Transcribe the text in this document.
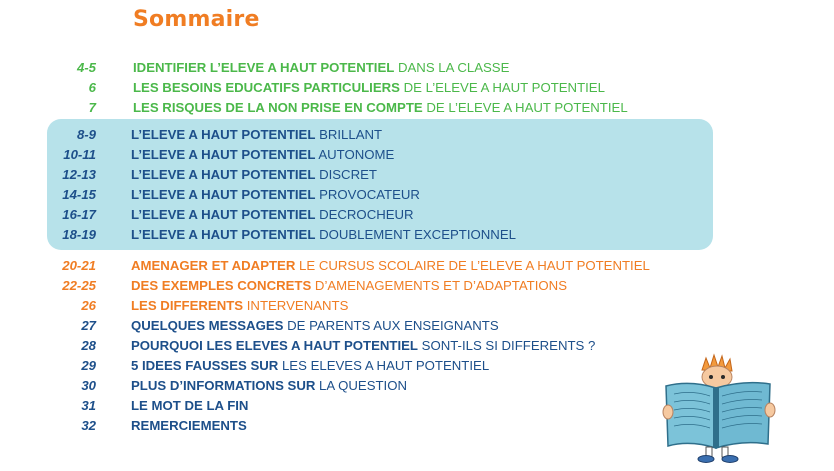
Sommaire
4-5	IDENTIFIER L’ELEVE A HAUT POTENTIEL DANS LA CLASSE
6	LES BESOINS EDUCATIFS PARTICULIERS DE L’ELEVE A HAUT POTENTIEL
7	LES RISQUES DE LA NON PRISE EN COMPTE DE L’ELEVE A HAUT POTENTIEL
8-9	L’ELEVE A HAUT POTENTIEL BRILLANT
10-11	L’ELEVE A HAUT POTENTIEL AUTONOME
12-13	L’ELEVE A HAUT POTENTIEL DISCRET
14-15	L’ELEVE A HAUT POTENTIEL PROVOCATEUR
16-17	L’ELEVE A HAUT POTENTIEL DECROCHEUR
18-19	L’ELEVE A HAUT POTENTIEL DOUBLEMENT EXCEPTIONNEL
20-21	AMENAGER ET ADAPTER LE CURSUS SCOLAIRE DE L’ELEVE A HAUT POTENTIEL
22-25	DES EXEMPLES CONCRETS D’AMENAGEMENTS ET D’ADAPTATIONS
26	LES DIFFERENTS INTERVENANTS
27	QUELQUES MESSAGES DE PARENTS AUX ENSEIGNANTS
28	POURQUOI LES ELEVES A HAUT POTENTIEL SONT-ILS SI DIFFERENTS ?
29	5 IDEES FAUSSES SUR LES ELEVES A HAUT POTENTIEL
30	PLUS D’INFORMATIONS SUR LA QUESTION
31	LE MOT DE LA FIN
32	REMERCIEMENTS
